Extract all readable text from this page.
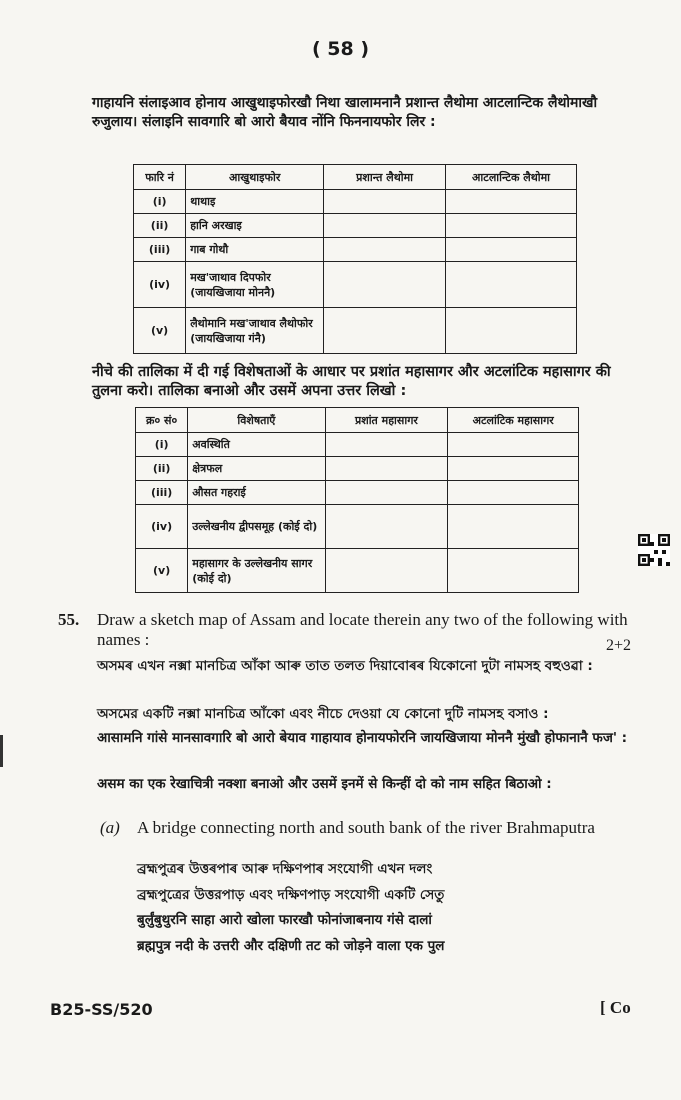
( 58 )
गाहायनि संलाइआव होनाय आखुथाइफोरखौ निथा खालामनानै प्रशान्त लैथोमा आटलान्टिक लैथोमाखौ रुजुलाय। संलाइनि सावगारि बो आरो बैयाव नोंनि फिननायफोर लिर :
फारि नं	आखुथाइफोर	प्रशान्त लैथोमा	आटलान्टिक लैथोमा
(i)	थाथाइ		
(ii)	हानि अरखाइ		
(iii)	गाब गोथौ		
(iv)	मख'जाथाव दिपफोर (जायखिजाया मोननै)		
(v)	लैथोमानि मख'जाथाव लैथोफोर (जायखिजाया गंनै)		
नीचे की तालिका में दी गई विशेषताओं के आधार पर प्रशांत महासागर और अटलांटिक महासागर की तुलना करो। तालिका बनाओ और उसमें अपना उत्तर लिखो :
क्र० सं०	विशेषताएँ	प्रशांत महासागर	अटलांटिक महासागर
(i)	अवस्थिति		
(ii)	क्षेत्रफल		
(iii)	औसत गहराई		
(iv)	उल्लेखनीय द्वीपसमूह (कोई दो)		
(v)	महासागर के उल्लेखनीय सागर (कोई दो)		
55. Draw a sketch map of Assam and locate therein any two of the following with names :	2+2
অসমৰ এখন নক্সা মানচিত্ৰ আঁকা আৰু তাত তলত দিয়াবোৰৰ যিকোনো দুটা নামসহ বহুওৱা :
অসমের একটি নক্সা মানচিত্র আঁকো এবং নীচে দেওয়া যে কোনো দুটি নামসহ বসাও :
आसामनि गांसे मानसावगारि बो आरो बेयाव गाहायाव होनायफोरनि जायखिजाया मोननै मुंखौ होफानानै फज' :
असम का एक रेखाचित्री नक्शा बनाओ और उसमें इनमें से किन्हीं दो को नाम सहित बिठाओ :
(a) A bridge connecting north and south bank of the river Brahmaputra
ব্ৰহ্মপুত্ৰৰ উত্তৰপাৰ আৰু দক্ষিণপাৰ সংযোগী এখন দলং
ব্রহ্মপুত্রের উত্তরপাড় এবং দক্ষিণপাড় সংযোগী একটি সেতু
बुर्लुंबुथुरनि साहा आरो खोला फारखौ फोनांजाबनाय गंसे दालां
ब्रह्मपुत्र नदी के उत्तरी और दक्षिणी तट को जोड़ने वाला एक पुल
B25-SS/520	[ Co
